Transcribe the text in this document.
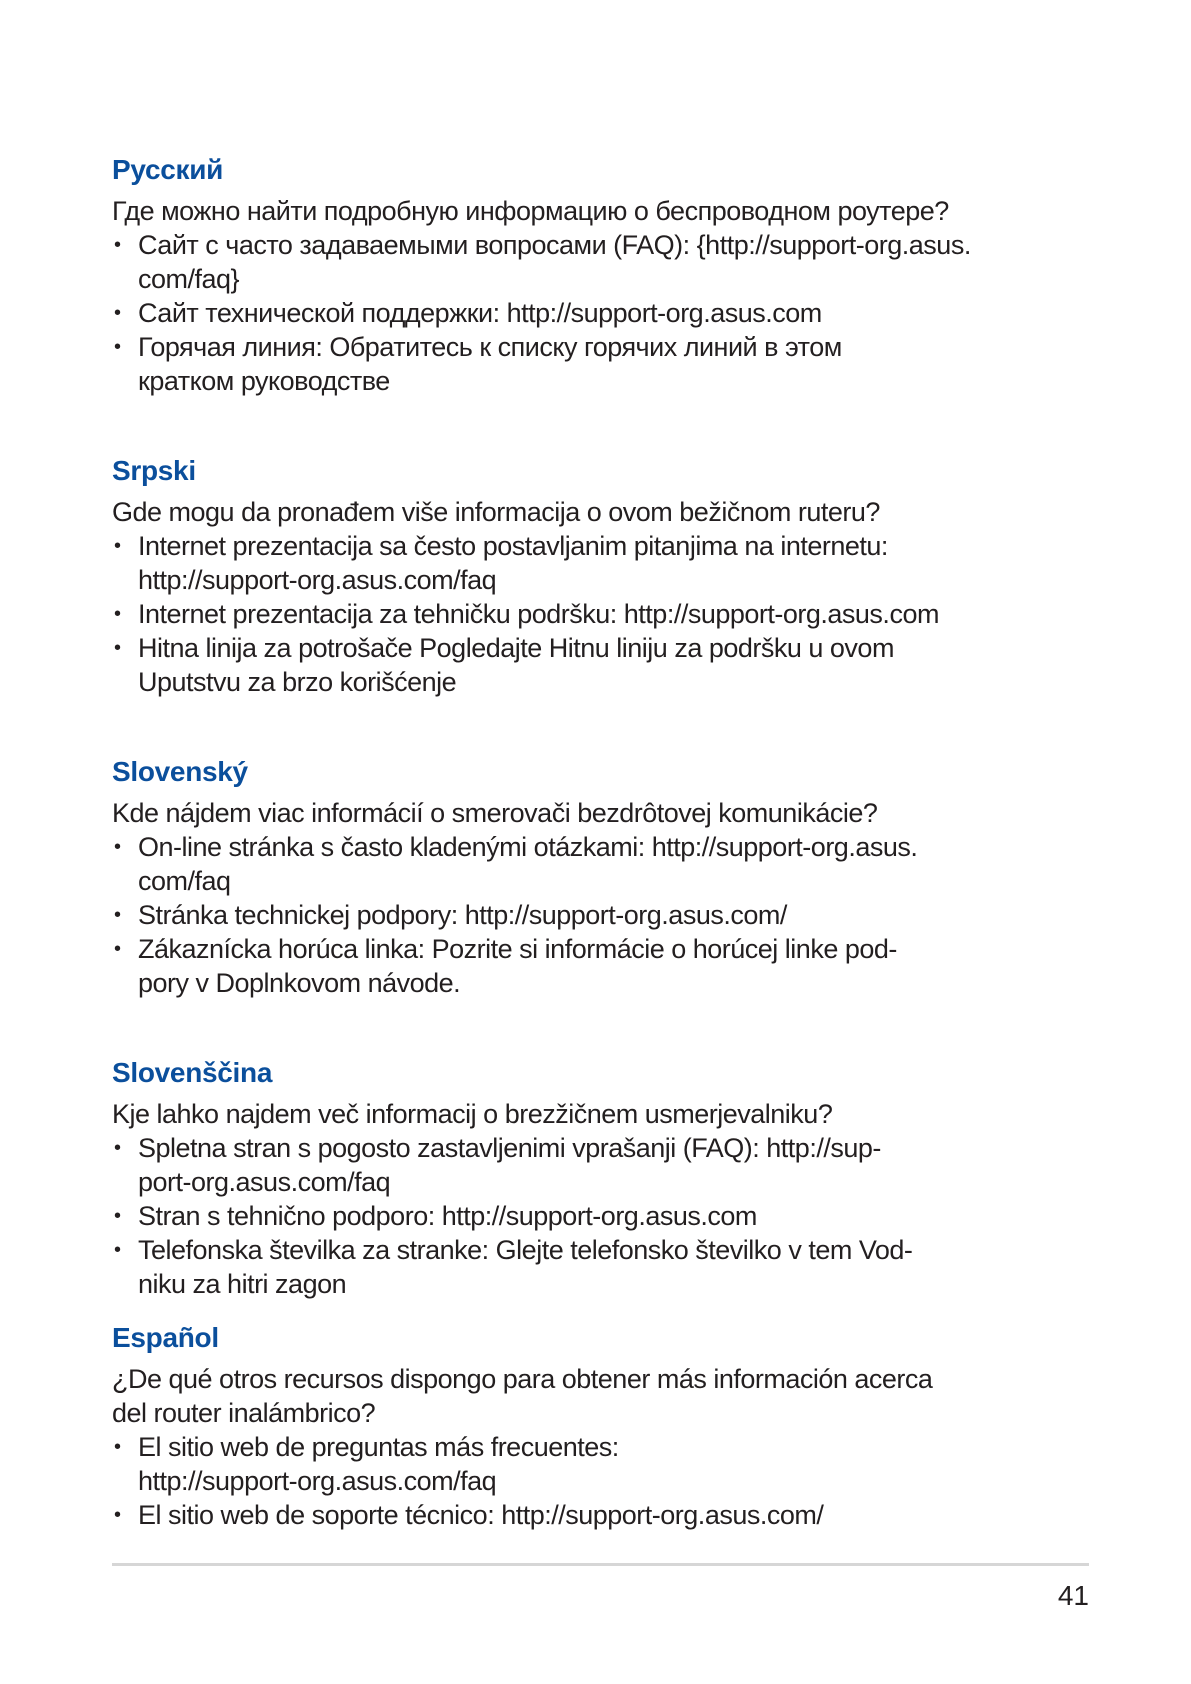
Русский
Где можно найти подробную информацию о беспроводном роутере?
• Сайт с часто задаваемыми вопросами (FAQ): {http://support-org.asus.
com/faq}
• Сайт технической поддержки: http://support-org.asus.com
• Горячая линия: Обратитесь к списку горячих линий в этом
кратком руководстве
Srpski
Gde mogu da pronađem više informacija o ovom bežičnom ruteru?
• Internet prezentacija sa često postavljanim pitanjima na internetu:
http://support-org.asus.com/faq
• Internet prezentacija za tehničku podršku: http://support-org.asus.com
• Hitna linija za potrošače Pogledajte Hitnu liniju za podršku u ovom
Uputstvu za brzo korišćenje
Slovenský
Kde nájdem viac informácií o smerovači bezdrôtovej komunikácie?
• On-line stránka s často kladenými otázkami: http://support-org.asus.
com/faq
• Stránka technickej podpory: http://support-org.asus.com/
• Zákaznícka horúca linka: Pozrite si informácie o horúcej linke pod-
pory v Doplnkovom návode.
Slovenščina
Kje lahko najdem več informacij o brezžičnem usmerjevalniku?
• Spletna stran s pogosto zastavljenimi vprašanji (FAQ): http://sup-
port-org.asus.com/faq
• Stran s tehnično podporo: http://support-org.asus.com
• Telefonska številka za stranke: Glejte telefonsko številko v tem Vod-
niku za hitri zagon
Español
¿De qué otros recursos dispongo para obtener más información acerca
del router inalámbrico?
• El sitio web de preguntas más frecuentes:
http://support-org.asus.com/faq
• El sitio web de soporte técnico: http://support-org.asus.com/
41
